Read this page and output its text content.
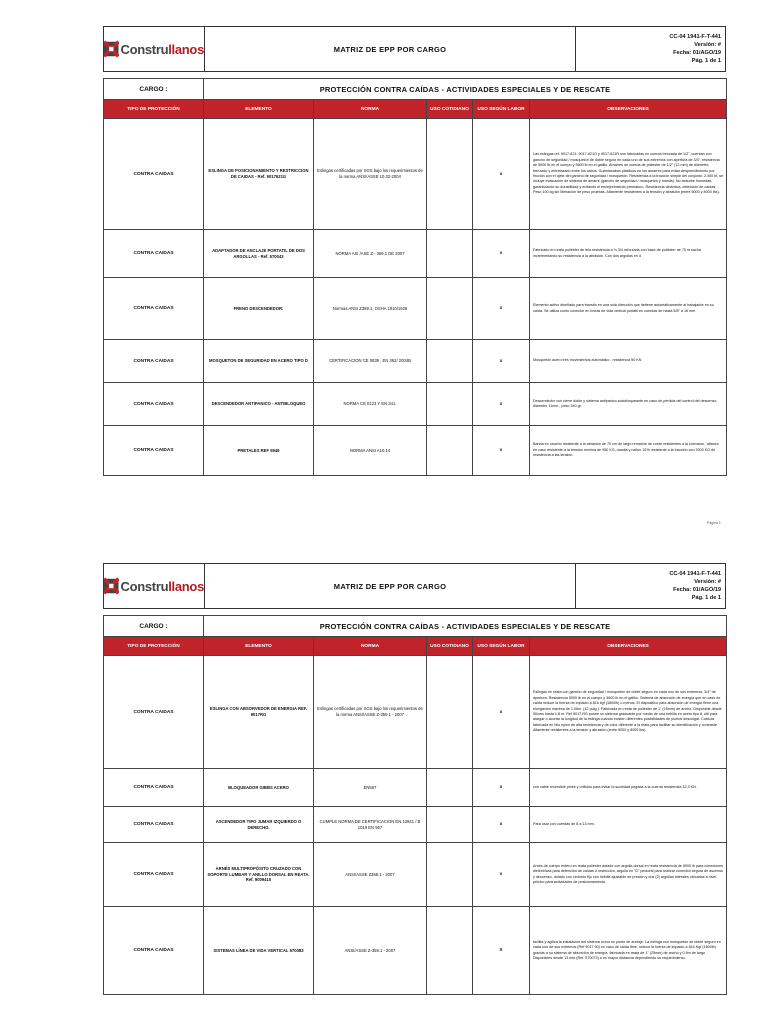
Construllanos	MATRIZ DE EPP POR CARGO
CC-04 1941-F-T-441
Versión: #
Fecha: 01/AGO/19
Pág. 1 de 1
CARGO :	PROTECCIÓN CONTRA CAÍDAS - ACTIVIDADES ESPECIALES Y DE RESCATE				
TIPO DE PROTECCIÓN	ELEMENTO	NORMA	USO COTIDIANO	USO SEGÚN LABOR	OBSERVACIONES
CONTRA CAIDAS	ESLINGA DE POSICIONAMIENTO Y RESTRICCION DE CAIDAS - Ref. 9017621G	Eslingas certificadas por SGS bajo los requerimientos de la norma ANSI/ASSE 10.32-2004		x	Las eslingas ref. 9017-621, 9017-621G y 9017-621R son fabricadas en cuerda trenzada de 1/2", cuentan con gancho de seguridad / mosquetón de doble seguro en cada uno de sus extremos con apertura de 3/4", resistencia de 5000 lb en el cuerpo y 3600 lb en el gatillo. Amarres de cuerda de poliéster de 1/2" (12 mm) de diámetro, trenzado y entrelazado entre los cabos. Guardacabos plásticos en los amarres para evitar desprendimiento por fricción con el ojete del gancho de seguridad / mosquetón. Resistencia a la tracción simple del conjunto: 2.300 kf, se incluye evaluación de sistema de amarre (gancho de seguridad / mosquetón y manila). No absorbe humedad, garantizando su durabilidad y evitando el envejecimiento prematuro. Resistencia dinámica, detección de caídas: Peso 100 kg sin liberación de peso pruebas. Altamente resistentes a la tensión y abrasión (entre 6000 y 8000 lbs).
CONTRA CAIDAS	ADAPTADOR DE ANCLAJE PORTATIL DE DOS ARGOLLAS - Ref. 570043	NORMA ASI /ASE Z - 359.1 DE 2007		x	Fabricado en reata poliéster de tela resistencia a ¾ 3/4 reforzada con base de poliéster de 70 m sacha incrementando su resistencia a la abrasión. Con dos argollas en d
CONTRA CAIDAS	FRENO DESCENDEDOR:	Normas ANSI Z359.1, OSHA 1910/1926		x	Elemento activo diseñado para transito en una sola dirección que detiene automáticamente al trabajador en su caída. Se utiliza como conector en líneas de vida vertical portátil en cuerdas de hasta 5/8" a 16 mm
CONTRA CAIDAS	MOSQUETON DE SEGURIDAD EN ACERO TIPO D	CERTIFICACION CE 0639 , EN 362/ 2004B		x	Mosquetón acero tres movimientos automático , resistencia 50 KN
CONTRA CAIDAS	DESCENDEDOR ANTIPANICO - ANTIBLOQUEO	NORMA CE 0123 Y EN 341.		x	Descendedor con cierre doble y sistema antipanico autobloqueante en caso de pérdida del control del descenso. diámetro 11mm , peso 340 gr.
CONTRA CAIDAS	PRETALES REF 5949	NORMA ANSI A10.14		x	Banda en caucho resistente a la abrasión de 70 cm de largo remache de cobre resistentes a la corrosion, 'afianzo en caso resistente a la tension mínima de 950 KG, manila y nailon 10% resistente a la tracción con 3000 KG de resistencia a las tensión.
Página 1
Construllanos	MATRIZ DE EPP POR CARGO
CC-04 1941-F-T-441
Versión: #
Fecha: 01/AGO/19
Pág. 1 de 1
CARGO :	PROTECCIÓN CONTRA CAÍDAS - ACTIVIDADES ESPECIALES Y DE RESCATE				
TIPO DE PROTECCIÓN	ELEMENTO	NORMA	USO COTIDIANO	USO SEGÚN LABOR	OBSERVACIONES
CONTRA CAIDAS	ESLINGA CON ABSORVEDOR DE ENERGIA REF. 9017RG	Eslingas certificadas por SGS bajo los requerimientos de la norma ANSI/ASSE Z-359.1 - 2007		x	Eslingas en reata con gancho de seguridad / mosquetón de doble seguro en cada uno de sus extremos, 3/4" de apertura. Resistencia 5000 lb en el cuerpo y 3600 lb en el gatillo. Sistema de absorción de energía que en caso de caída reduce la fuerza de impacto a 816 kgf (1800lb) o menos. El dispositivo para absorción de energía tiene una elongación máxima de 1.06m. (42 pulg.). Fabricada en reata de poliéster de 1" (25mm) de ancho. Disponible desde 90cms hasta 1.8 m. Ref 9017-RG posee un sistema graduable por medio de una hebilla en acero tipo 8, útil para alargar o acortar la longitud de la eslinga cuando existen diferentes posibilidades de puntos descolgar. Costura fabricada en hilo nylon de alta resistencia y de color diferente a la reata para facilitar su identificación y contraste. Altamente resistentes a la tensión y abrasión (entre 6000 y 8000 lbs).
CONTRA CAIDAS	BLOQUEADOR GIBBS ACERO	EN567		x	con cable reversible pines y orificios para evitar la suciedad pegada a la cuerda resistencia 32,3 KN.
CONTRA CAIDAS	ASCENDEDOR TIPO JUMAR IZQUIERDO O DERECHO.	CUMPLE NORMA DE CERTIFICACION EN 12841 / B 1019 EN 567		x	Para usar con cuerdas de 8 a 13 mm.
CONTRA CAIDAS	ARNÉS MULTIPROPÓSITO CRUZADO CON SOPORTE LUMBAR Y ANILLO DORSAL EN REATA. Ref. 9009410	ANSI/ASSE Z359.1 - 2007		x	Arnés de cuerpo entero en reata poliéster dotado con argolla dorsal en reata resistencia de 5000 lb para conexiones dieléctricas para detención de caídas o restricción, argolla en "D" pectoral para realizar conexión segura de ascenso y descenso, dotado con cinturón fijo con hebilla ajustable de presión y dos (2) argollas laterales ubicadas a nivel pélvico para actividades de posicionamiento.
CONTRA CAIDAS	SISTEMAS LÍNEA DE VIDA VERTICAL 570083	ANSI/ASSE Z-359.1 - 2007		X	facilita y agiliza la instalación del sistema como un punto de anclaje. La eslinga con mosquetón de doble seguro en cada uno de sus extremos (Ref 9017 90) en caso de caída libre, reduce la fuerza de impacto a 816 Kgf (1800lb) gracias a su sistema de absorción de energía. fabricada en reata de 1" (25mm) de ancho y 0.9m de largo Disponibles desde 13 mts (Ref. 570073) o en mayor distancia dependiendo su requerimiento.
